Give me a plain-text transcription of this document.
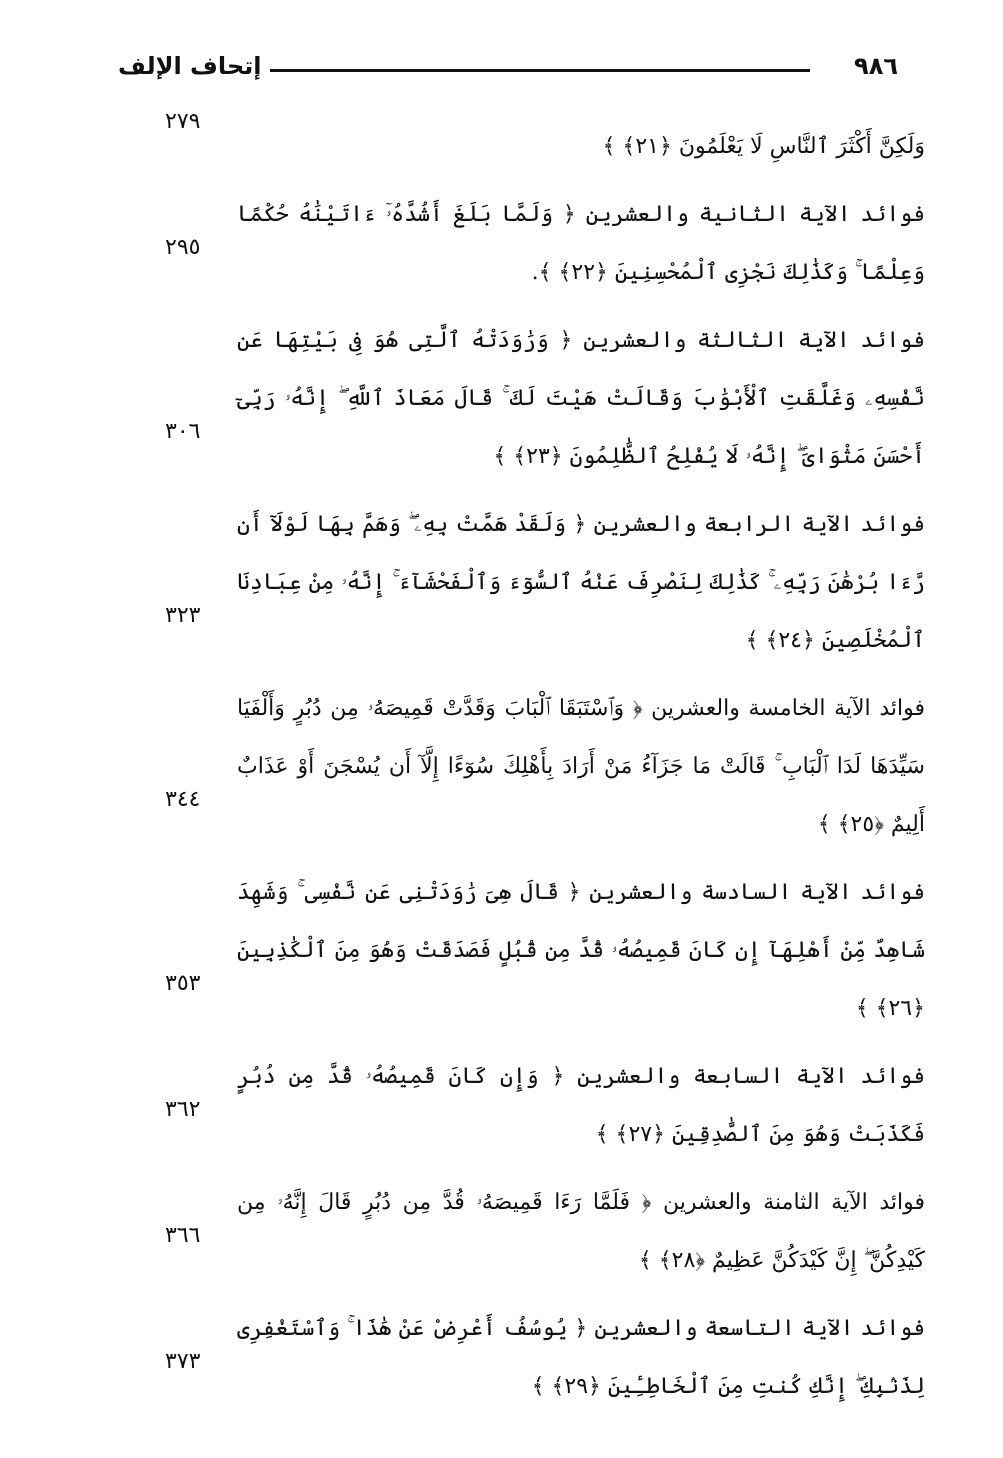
إتحاف الإلف	٩٨٦
وَلَكِنَّ أَكْثَرَ ٱلنَّاسِ لَا يَعْلَمُونَ ﴿٢١﴾ ﴾
٢٧٩
فوائد الآية الثانية والعشرين ﴿ وَلَمَّا بَلَغَ أَشُدَّهُۥٓ ءَاتَيْنَٰهُ حُكْمًا وَعِلْمًا ۚ وَكَذَٰلِكَ نَجْزِى ٱلْمُحْسِنِينَ ﴿٢٢﴾ ﴾.
٢٩٥
فوائد الآية الثالثة والعشرين ﴿ وَرَٰوَدَتْهُ ٱلَّتِى هُوَ فِى بَيْتِهَا عَن نَّفْسِهِۦ وَغَلَّقَتِ ٱلْأَبْوَٰبَ وَقَالَتْ هَيْتَ لَكَ ۚ قَالَ مَعَاذَ ٱللَّهِ ۖ إِنَّهُۥ رَبِّىٓ أَحْسَنَ مَثْوَاىَ ۖ إِنَّهُۥ لَا يُفْلِحُ ٱلظَّٰلِمُونَ ﴿٢٣﴾ ﴾
٣٠٦
فوائد الآية الرابعة والعشرين ﴿ وَلَقَدْ هَمَّتْ بِهِۦ ۖ وَهَمَّ بِهَا لَوْلَآ أَن رَّءَا بُرْهَٰنَ رَبِّهِۦ ۚ كَذَٰلِكَ لِنَصْرِفَ عَنْهُ ٱلسُّوٓءَ وَٱلْفَحْشَآءَ ۚ إِنَّهُۥ مِنْ عِبَادِنَا ٱلْمُخْلَصِينَ ﴿٢٤﴾ ﴾
٣٢٣
فوائد الآية الخامسة والعشرين ﴿ وَٱسْتَبَقَا ٱلْبَابَ وَقَدَّتْ قَمِيصَهُۥ مِن دُبُرٍ وَأَلْفَيَا سَيِّدَهَا لَدَا ٱلْبَابِ ۚ قَالَتْ مَا جَزَآءُ مَنْ أَرَادَ بِأَهْلِكَ سُوٓءًا إِلَّآ أَن يُسْجَنَ أَوْ عَذَابٌ أَلِيمٌ ﴿٢٥﴾ ﴾
٣٤٤
فوائد الآية السادسة والعشرين ﴿ قَالَ هِىَ رَٰوَدَتْنِى عَن نَّفْسِى ۚ وَشَهِدَ شَاهِدٌ مِّنْ أَهْلِهَآ إِن كَانَ قَمِيصُهُۥ قُدَّ مِن قُبُلٍ فَصَدَقَتْ وَهُوَ مِنَ ٱلْكَٰذِبِينَ ﴿٢٦﴾ ﴾
٣٥٣
فوائد الآية السابعة والعشرين ﴿ وَإِن كَانَ قَمِيصُهُۥ قُدَّ مِن دُبُرٍ فَكَذَبَتْ وَهُوَ مِنَ ٱلصَّٰدِقِينَ ﴿٢٧﴾ ﴾
٣٦٢
فوائد الآية الثامنة والعشرين ﴿ فَلَمَّا رَءَا قَمِيصَهُۥ قُدَّ مِن دُبُرٍ قَالَ إِنَّهُۥ مِن كَيْدِكُنَّ ۖ إِنَّ كَيْدَكُنَّ عَظِيمٌ ﴿٢٨﴾ ﴾
٣٦٦
فوائد الآية التاسعة والعشرين ﴿ يُوسُفُ أَعْرِضْ عَنْ هَٰذَا ۚ وَٱسْتَغْفِرِى لِذَنۢبِكِ ۖ إِنَّكِ كُنتِ مِنَ ٱلْخَاطِـِٔينَ ﴿٢٩﴾ ﴾
٣٧٣
